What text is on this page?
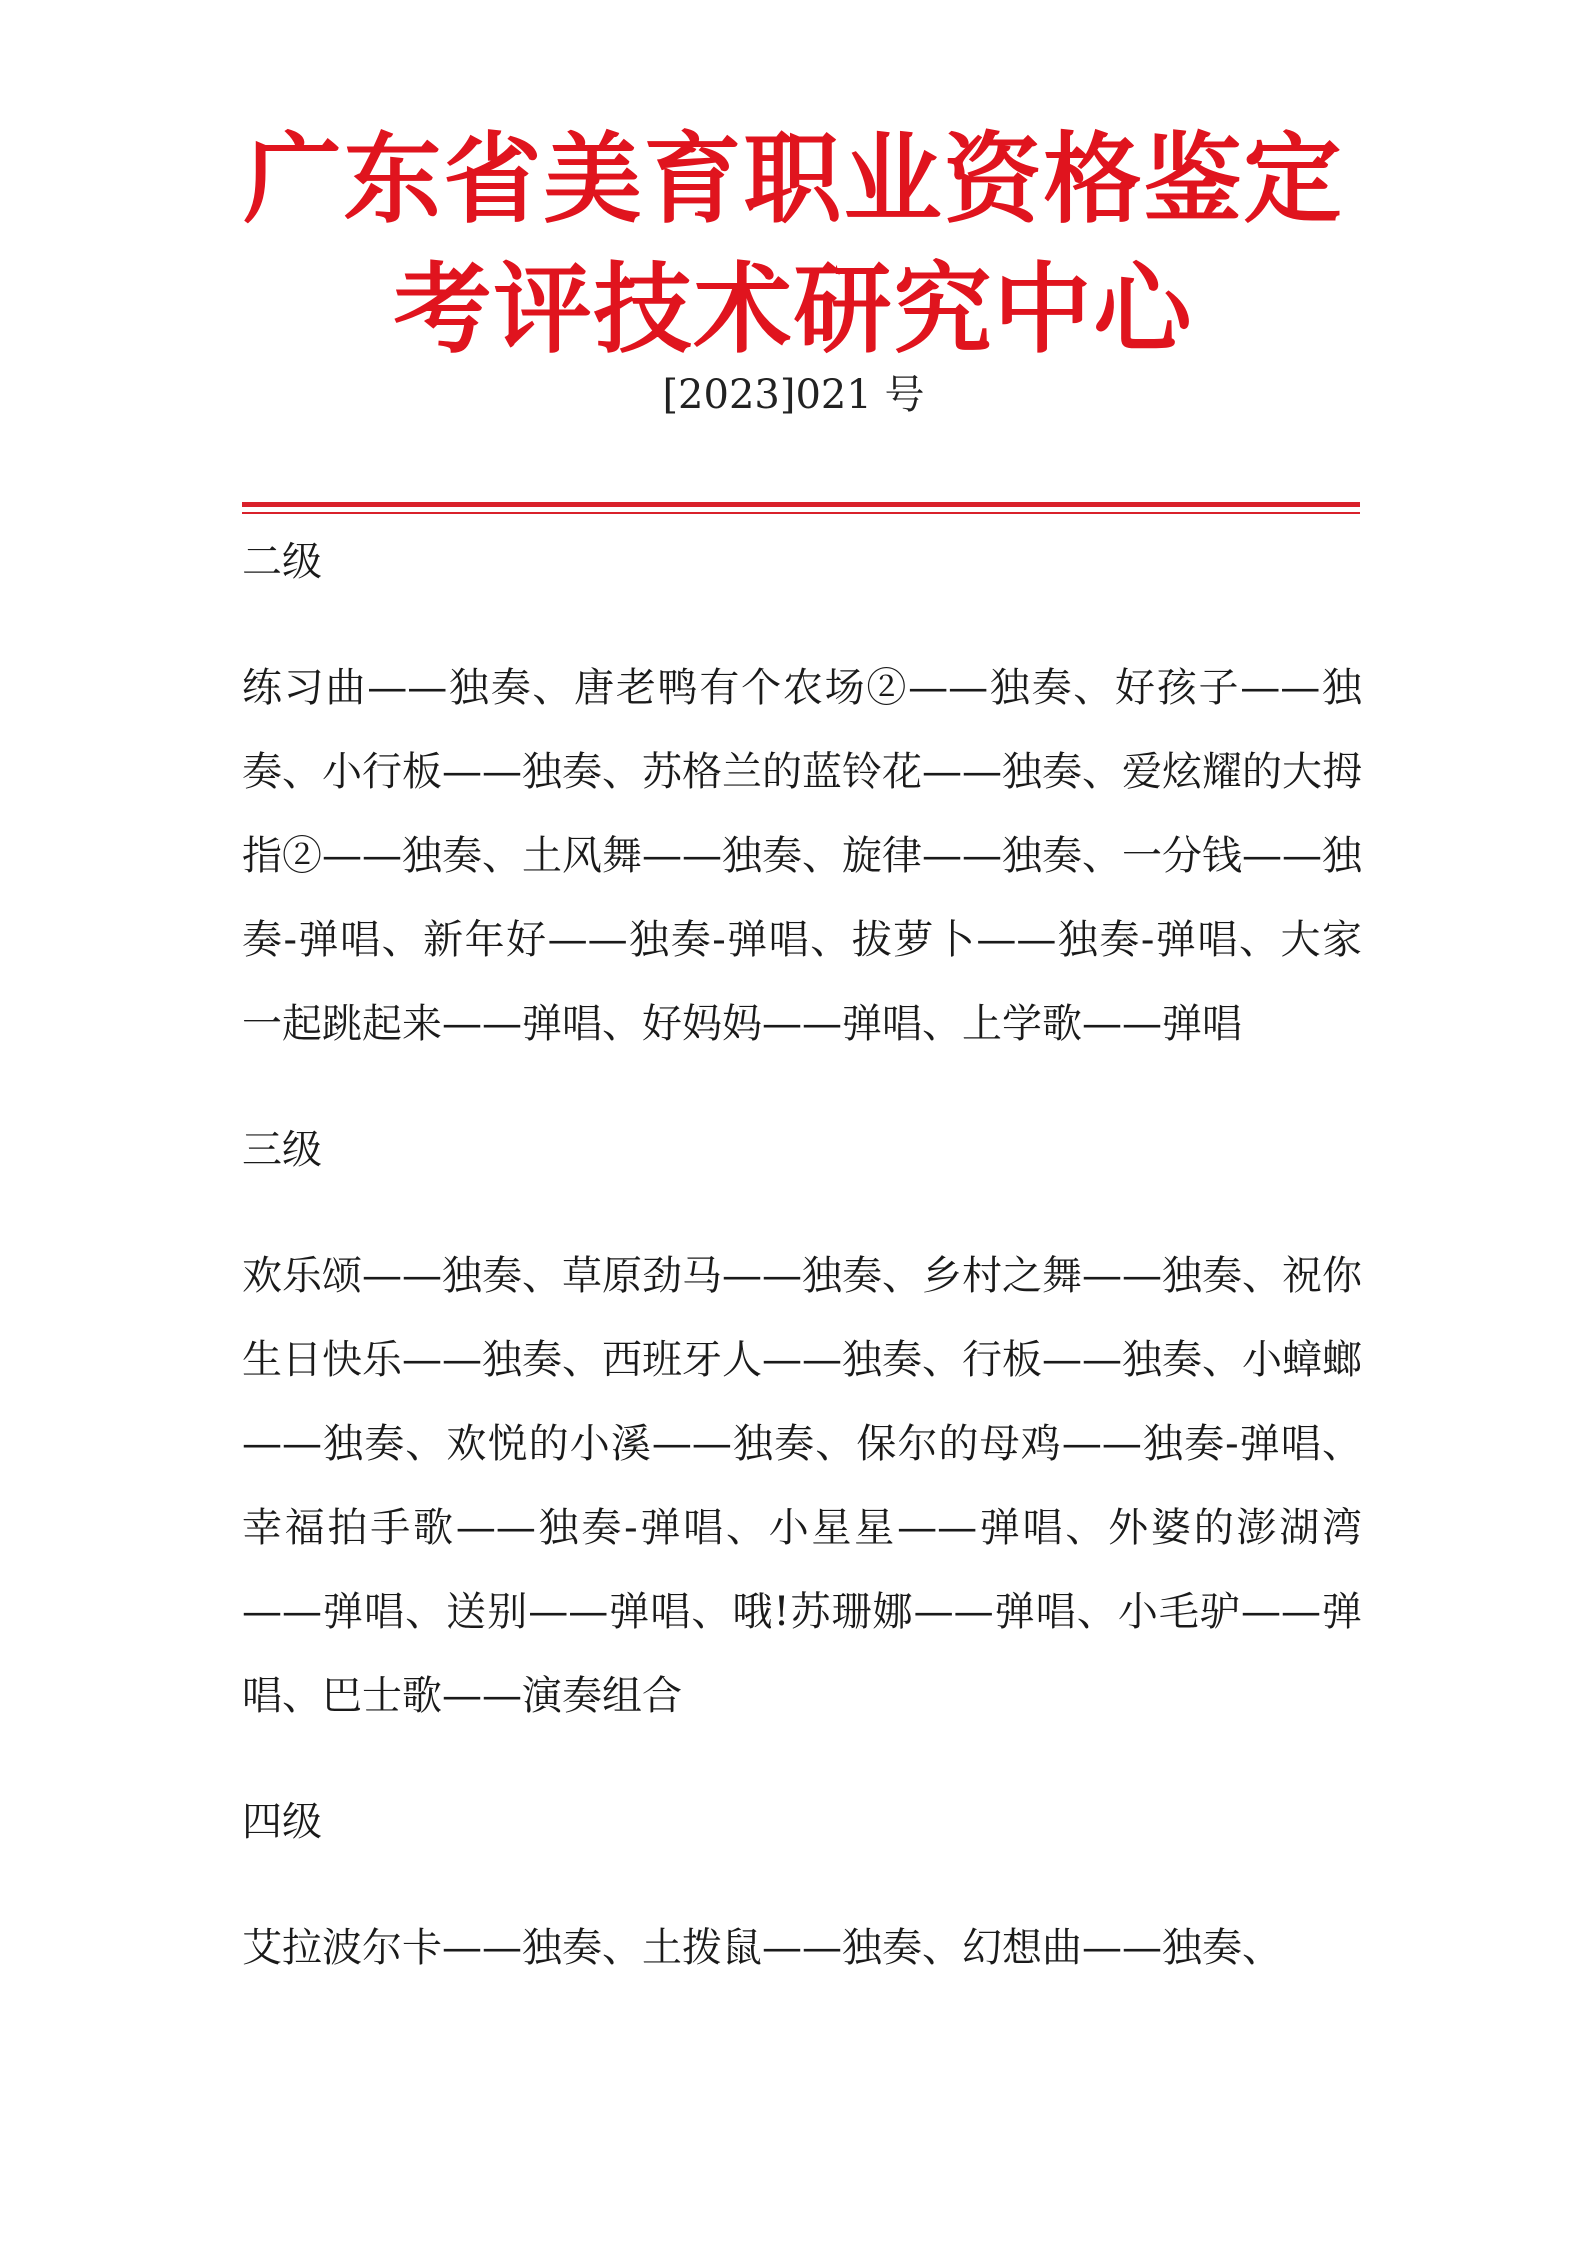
广东省美育职业资格鉴定
考评技术研究中心
[2023]021 号

二级

练习曲——独奏、唐老鸭有个农场②——独奏、好孩子——独奏、小行板——独奏、苏格兰的蓝铃花——独奏、爱炫耀的大拇指②——独奏、土风舞——独奏、旋律——独奏、一分钱——独奏-弹唱、新年好——独奏-弹唱、拔萝卜——独奏-弹唱、大家一起跳起来——弹唱、好妈妈——弹唱、上学歌——弹唱

三级

欢乐颂——独奏、草原劲马——独奏、乡村之舞——独奏、祝你生日快乐——独奏、西班牙人——独奏、行板——独奏、小蟑螂——独奏、欢悦的小溪——独奏、保尔的母鸡——独奏-弹唱、幸福拍手歌——独奏-弹唱、小星星——弹唱、外婆的澎湖湾——弹唱、送别——弹唱、哦!苏珊娜——弹唱、小毛驴——弹唱、巴士歌——演奏组合

四级

艾拉波尔卡——独奏、土拨鼠——独奏、幻想曲——独奏、
